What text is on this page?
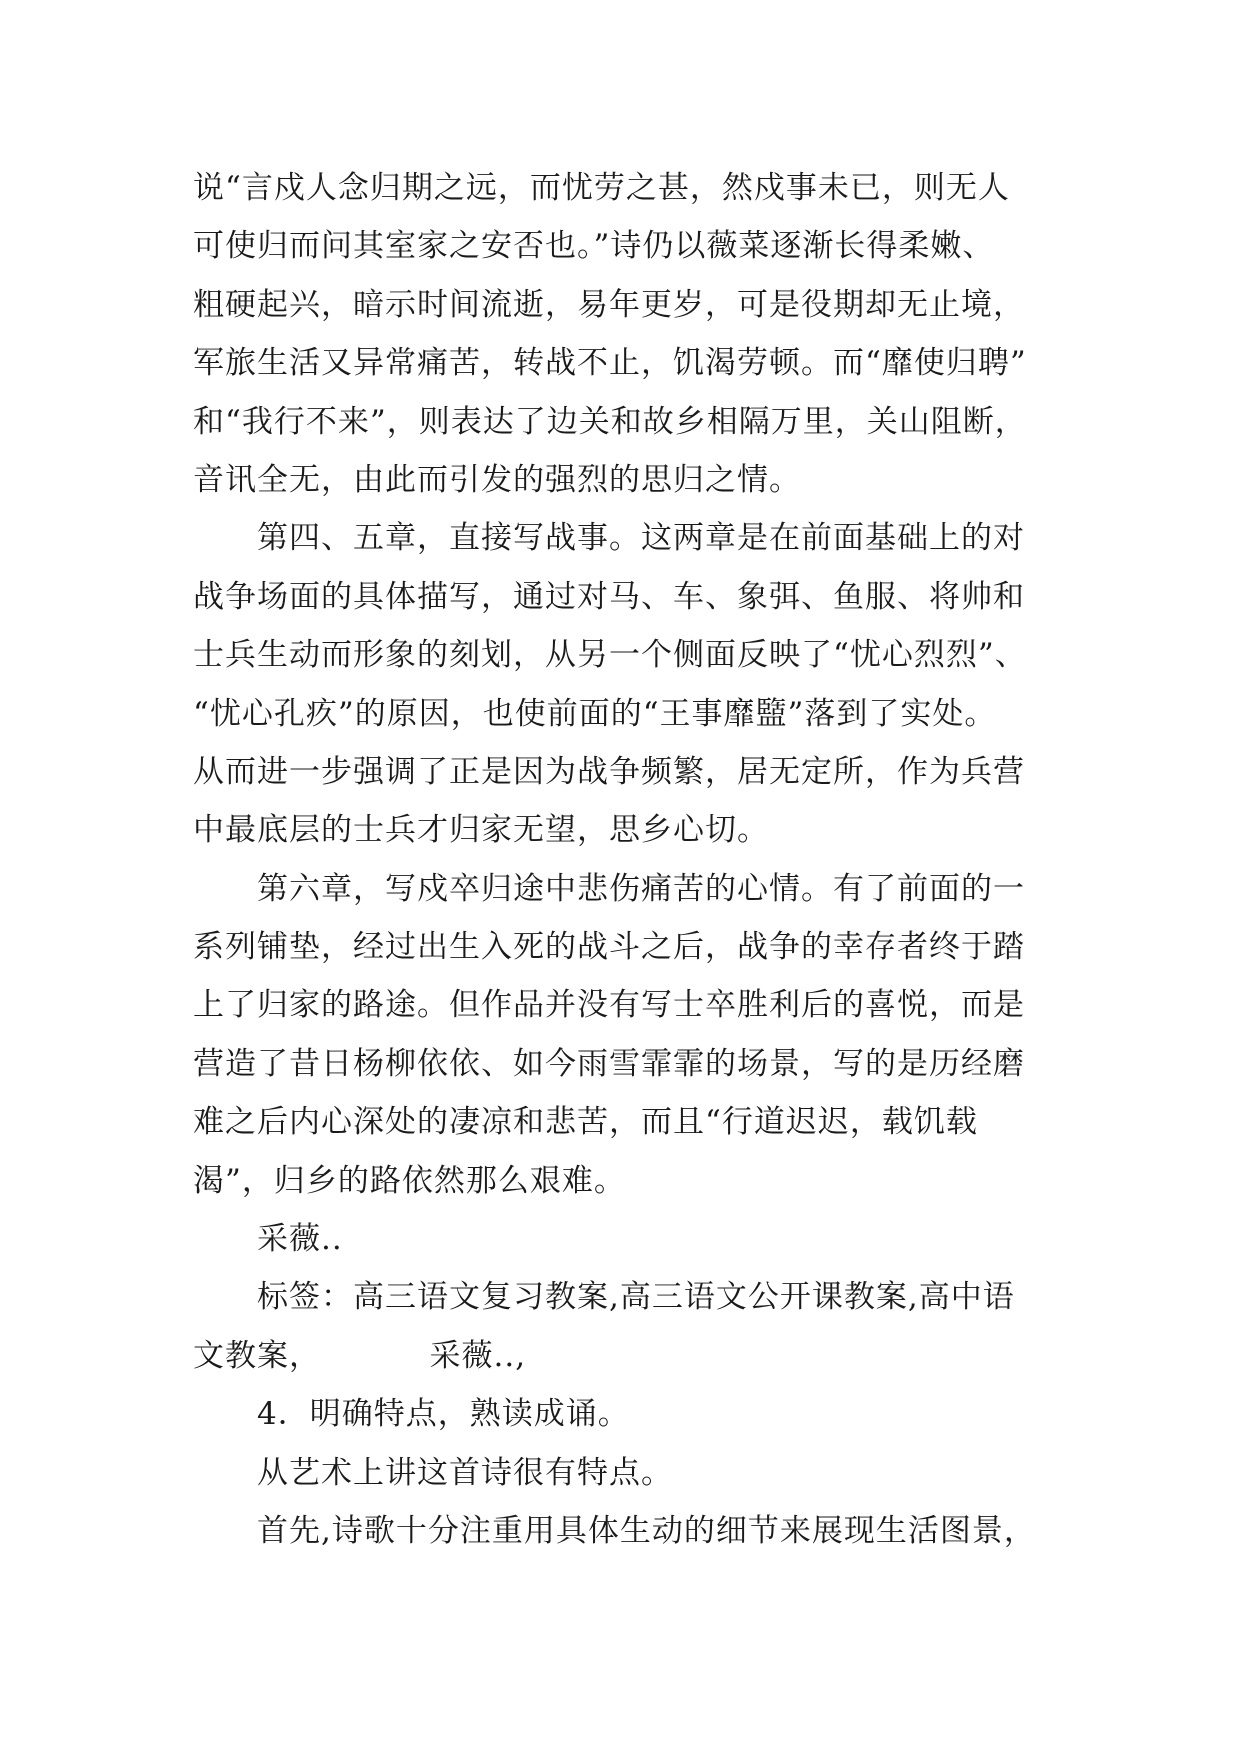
说“言戍人念归期之远，而忧劳之甚，然戍事未已，则无人
可使归而问其室家之安否也。”诗仍以薇菜逐渐长得柔嫩、
粗硬起兴，暗示时间流逝，易年更岁，可是役期却无止境，
军旅生活又异常痛苦，转战不止，饥渴劳顿。而“靡使归聘”
和“我行不来”，则表达了边关和故乡相隔万里，关山阻断，
音讯全无，由此而引发的强烈的思归之情。
第四、五章，直接写战事。这两章是在前面基础上的对
战争场面的具体描写，通过对马、车、象弭、鱼服、将帅和
士兵生动而形象的刻划，从另一个侧面反映了“忧心烈烈”、
“忧心孔疚”的原因，也使前面的“王事靡盬”落到了实处。
从而进一步强调了正是因为战争频繁，居无定所，作为兵营
中最底层的士兵才归家无望，思乡心切。
第六章，写戍卒归途中悲伤痛苦的心情。有了前面的一
系列铺垫，经过出生入死的战斗之后，战争的幸存者终于踏
上了归家的路途。但作品并没有写士卒胜利后的喜悦，而是
营造了昔日杨柳依依、如今雨雪霏霏的场景，写的是历经磨
难之后内心深处的凄凉和悲苦，而且“行道迟迟，载饥载
渴”，归乡的路依然那么艰难。
采薇..
标签：高三语文复习教案,高三语文公开课教案,高中语
文教案，          采薇..,
4．明确特点，熟读成诵。
从艺术上讲这首诗很有特点。
首先,诗歌十分注重用具体生动的细节来展现生活图景，
